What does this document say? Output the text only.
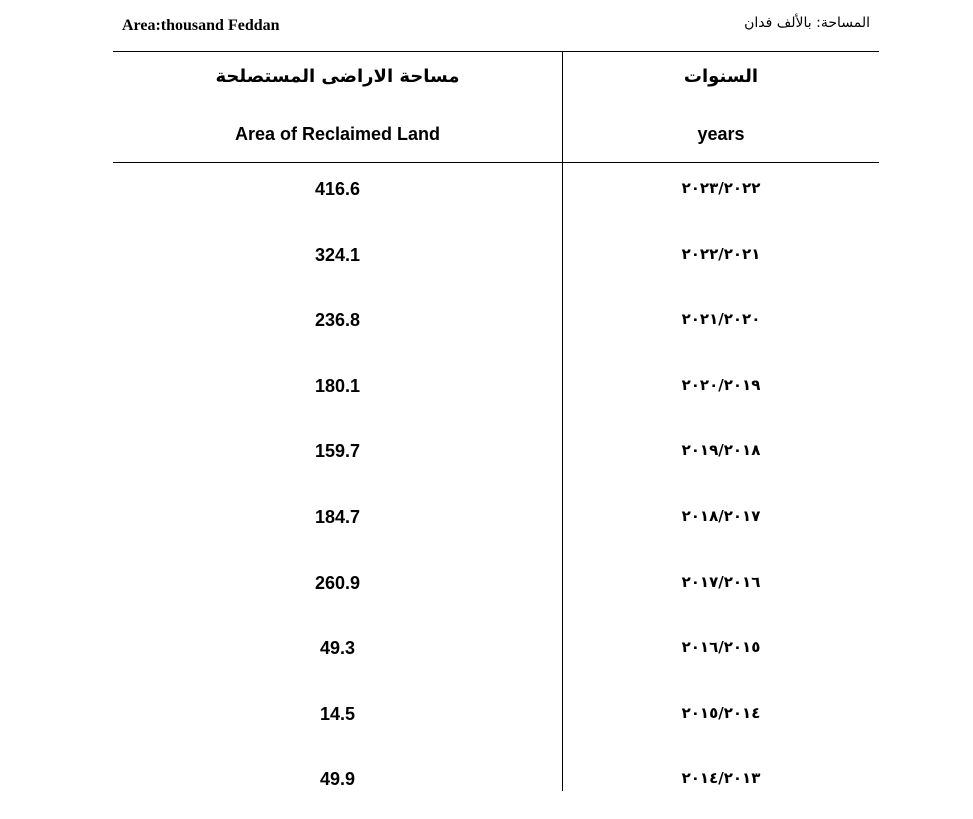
Area:thousand Feddan	المساحة: بالألف فدان
مساحة الاراضى المستصلحة
Area of Reclaimed Land
السنوات
years
416.6	٢٠٢٣/٢٠٢٢
324.1	٢٠٢٢/٢٠٢١
236.8	٢٠٢١/٢٠٢٠
180.1	٢٠٢٠/٢٠١٩
159.7	٢٠١٩/٢٠١٨
184.7	٢٠١٨/٢٠١٧
260.9	٢٠١٧/٢٠١٦
49.3	٢٠١٦/٢٠١٥
14.5	٢٠١٥/٢٠١٤
49.9	٢٠١٤/٢٠١٣
